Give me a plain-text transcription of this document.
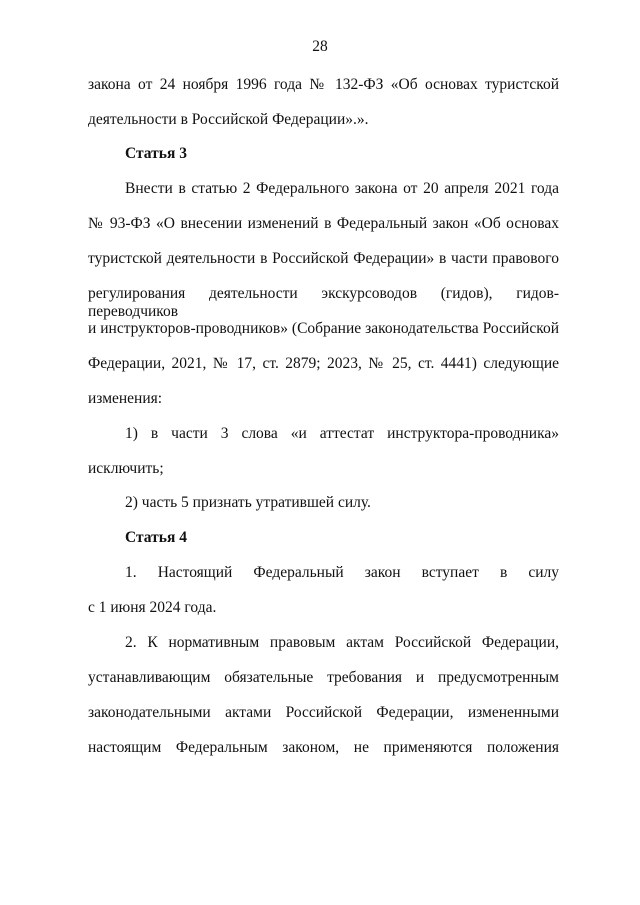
28
закона от 24 ноября 1996 года № 132-ФЗ «Об основах туристской
деятельности в Российской Федерации».».
Статья 3
Внести в статью 2 Федерального закона от 20 апреля 2021 года
№ 93-ФЗ «О внесении изменений в Федеральный закон «Об основах
туристской деятельности в Российской Федерации» в части правового
регулирования деятельности экскурсоводов (гидов), гидов-переводчиков
и инструкторов-проводников» (Собрание законодательства Российской
Федерации, 2021, № 17, ст. 2879; 2023, № 25, ст. 4441) следующие
изменения:
1) в части 3 слова «и аттестат инструктора-проводника»
исключить;
2) часть 5 признать утратившей силу.
Статья 4
1. Настоящий Федеральный закон вступает в силу
с 1 июня 2024 года.
2. К нормативным правовым актам Российской Федерации,
устанавливающим обязательные требования и предусмотренным
законодательными актами Российской Федерации, измененными
настоящим Федеральным законом, не применяются положения
